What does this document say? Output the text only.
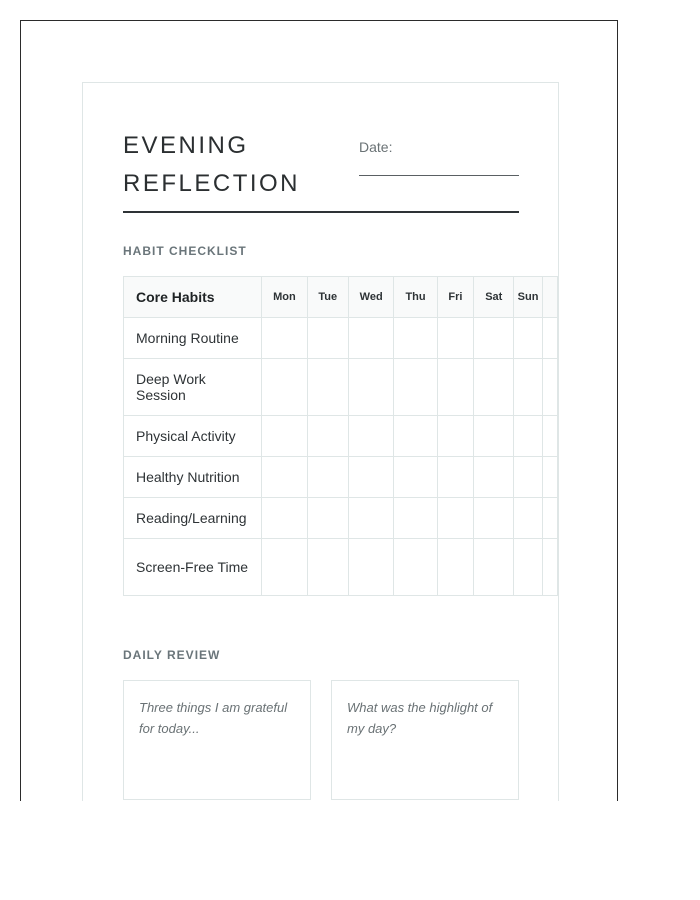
EVENING
REFLECTION
Date:
HABIT CHECKLIST
Core Habits	Mon	Tue	Wed	Thu	Fri	Sat	Sun	
Morning Routine								
Deep Work Session								
Physical Activity								
Healthy Nutrition								
Reading/Learning								
Screen-Free Time								
DAILY REVIEW
Three things I am grateful for today...
What was the highlight of my day?
